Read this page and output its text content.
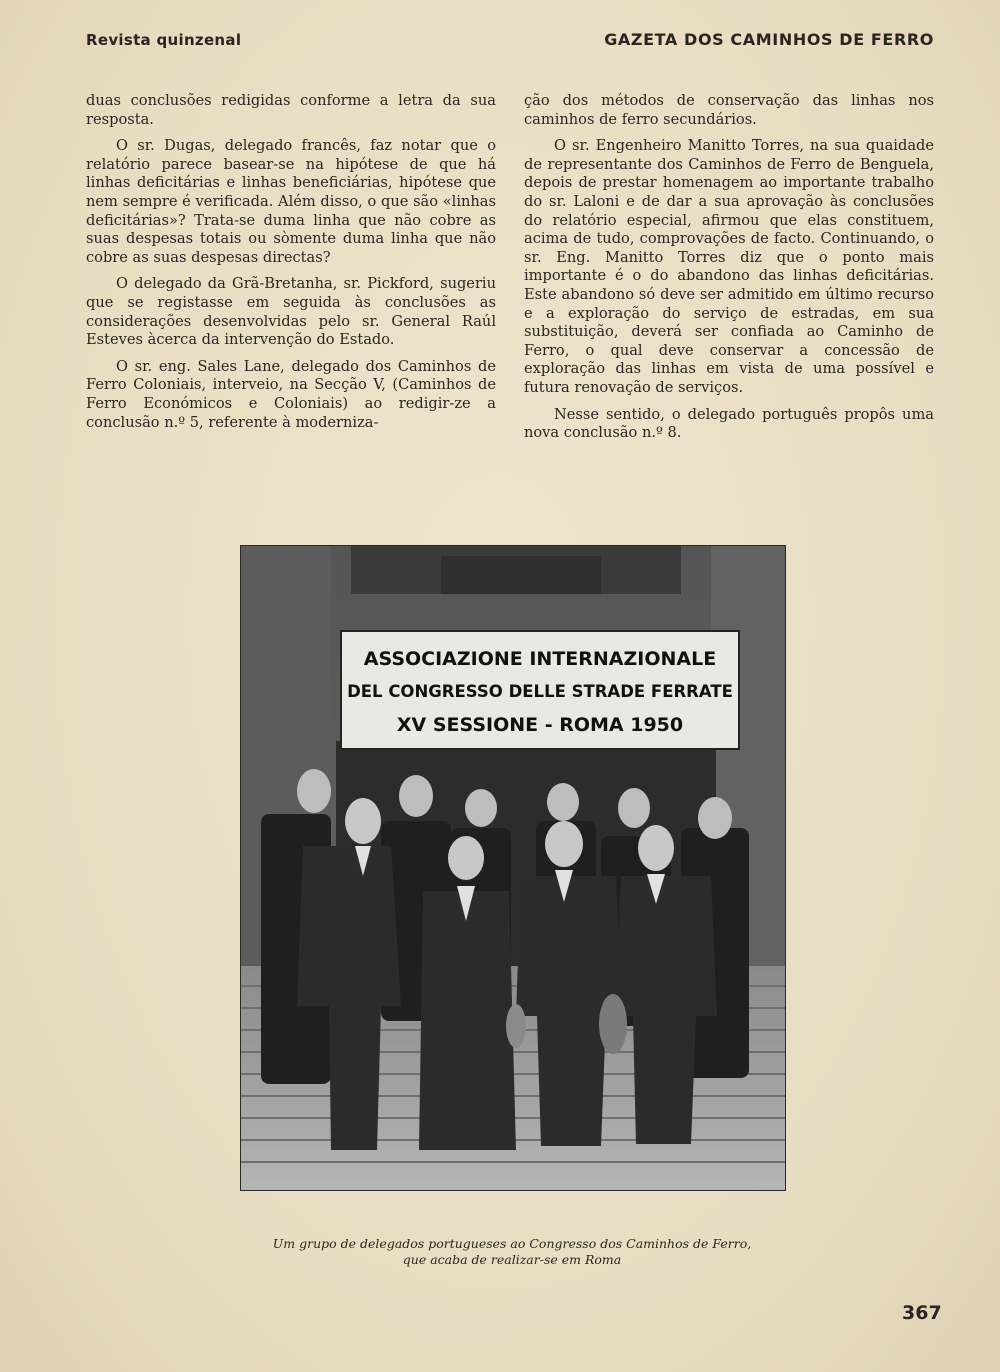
Revista quinzenal	GAZETA DOS CAMINHOS DE FERRO

duas conclusões redigidas conforme a letra da sua resposta.

O sr. Dugas, delegado francês, faz notar que o relatório parece basear-se na hipótese de que há linhas deficitárias e linhas beneficiárias, hipótese que nem sempre é verificada. Além disso, o que são «linhas deficitárias»? Trata-se duma linha que não cobre as suas despesas totais ou sòmente duma linha que não cobre as suas despesas directas?

O delegado da Grã-Bretanha, sr. Pickford, sugeriu que se registasse em seguida às conclusões as considerações desenvolvidas pelo sr. General Raúl Esteves àcerca da intervenção do Estado.

O sr. eng. Sales Lane, delegado dos Caminhos de Ferro Coloniais, interveio, na Secção V, (Caminhos de Ferro Económicos e Coloniais) ao redigir-ze a conclusão n.º 5, referente à moderniza-

ção dos métodos de conservação das linhas nos caminhos de ferro secundários.

O sr. Engenheiro Manitto Torres, na sua quaidade de representante dos Caminhos de Ferro de Benguela, depois de prestar homenagem ao importante trabalho do sr. Laloni e de dar a sua aprovação às conclusões do relatório especial, afirmou que elas constituem, acima de tudo, comprovações de facto. Continuando, o sr. Eng. Manitto Torres diz que o ponto mais importante é o do abandono das linhas deficitárias. Este abandono só deve ser admitido em último recurso e a exploração do serviço de estradas, em sua substituição, deverá ser confiada ao Caminho de Ferro, o qual deve conservar a concessão de exploração das linhas em vista de uma possível e futura renovação de serviços.

Nesse sentido, o delegado português propôs uma nova conclusão n.º 8.

ASSOCIAZIONE INTERNAZIONALE
DEL CONGRESSO DELLE STRADE FERRATE
XV SESSIONE - ROMA 1950
Um grupo de delegados portugueses ao Congresso dos Caminhos de Ferro,
que acaba de realizar-se em Roma
367
